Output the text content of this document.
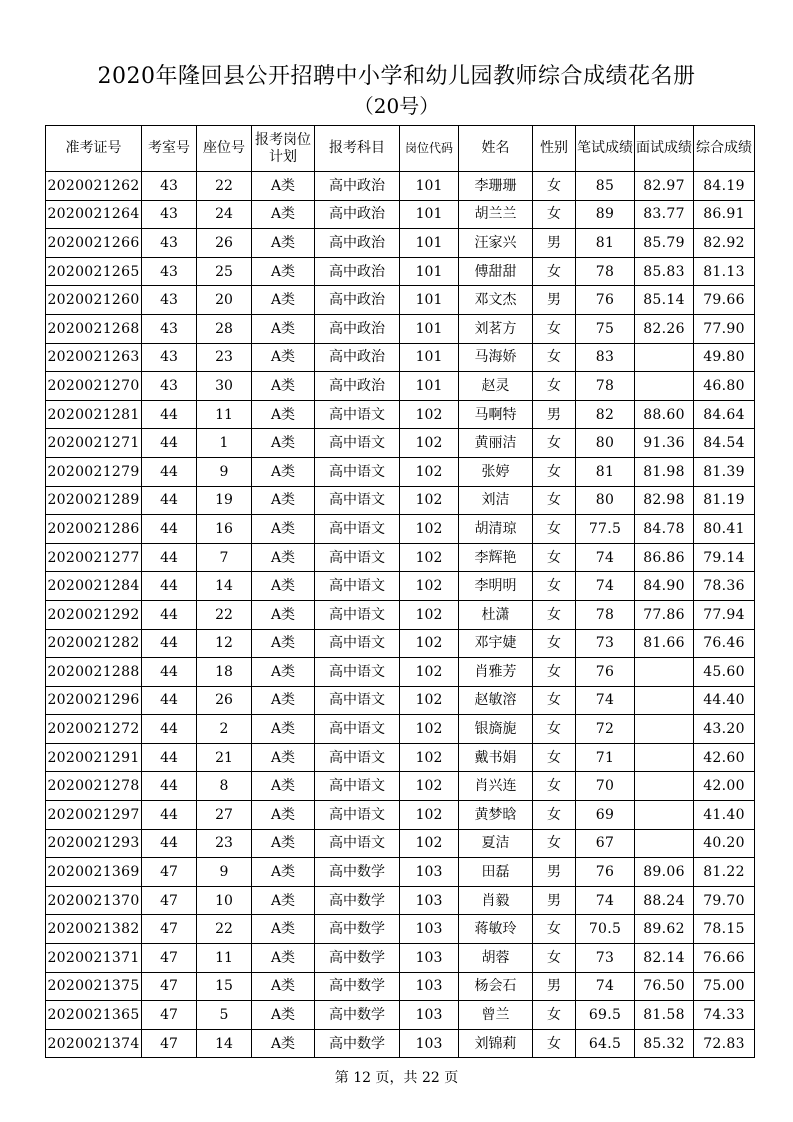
2020年隆回县公开招聘中小学和幼儿园教师综合成绩花名册
（20号）
准考证号	考室号	座位号	报考岗位计划	报考科目	岗位代码	姓名	性别	笔试成绩	面试成绩	综合成绩
2020021262	43	22	A类	高中政治	101	李珊珊	女	85	82.97	84.19
2020021264	43	24	A类	高中政治	101	胡兰兰	女	89	83.77	86.91
2020021266	43	26	A类	高中政治	101	汪家兴	男	81	85.79	82.92
2020021265	43	25	A类	高中政治	101	傅甜甜	女	78	85.83	81.13
2020021260	43	20	A类	高中政治	101	邓文杰	男	76	85.14	79.66
2020021268	43	28	A类	高中政治	101	刘茗方	女	75	82.26	77.90
2020021263	43	23	A类	高中政治	101	马海娇	女	83		49.80
2020021270	43	30	A类	高中政治	101	赵灵	女	78		46.80
2020021281	44	11	A类	高中语文	102	马啊特	男	82	88.60	84.64
2020021271	44	1	A类	高中语文	102	黄丽洁	女	80	91.36	84.54
2020021279	44	9	A类	高中语文	102	张婷	女	81	81.98	81.39
2020021289	44	19	A类	高中语文	102	刘洁	女	80	82.98	81.19
2020021286	44	16	A类	高中语文	102	胡清琼	女	77.5	84.78	80.41
2020021277	44	7	A类	高中语文	102	李辉艳	女	74	86.86	79.14
2020021284	44	14	A类	高中语文	102	李明明	女	74	84.90	78.36
2020021292	44	22	A类	高中语文	102	杜潇	女	78	77.86	77.94
2020021282	44	12	A类	高中语文	102	邓宇婕	女	73	81.66	76.46
2020021288	44	18	A类	高中语文	102	肖雅芳	女	76		45.60
2020021296	44	26	A类	高中语文	102	赵敏溶	女	74		44.40
2020021272	44	2	A类	高中语文	102	银旖旎	女	72		43.20
2020021291	44	21	A类	高中语文	102	戴书娟	女	71		42.60
2020021278	44	8	A类	高中语文	102	肖兴连	女	70		42.00
2020021297	44	27	A类	高中语文	102	黄梦晗	女	69		41.40
2020021293	44	23	A类	高中语文	102	夏洁	女	67		40.20
2020021369	47	9	A类	高中数学	103	田磊	男	76	89.06	81.22
2020021370	47	10	A类	高中数学	103	肖毅	男	74	88.24	79.70
2020021382	47	22	A类	高中数学	103	蒋敏玲	女	70.5	89.62	78.15
2020021371	47	11	A类	高中数学	103	胡蓉	女	73	82.14	76.66
2020021375	47	15	A类	高中数学	103	杨会石	男	74	76.50	75.00
2020021365	47	5	A类	高中数学	103	曾兰	女	69.5	81.58	74.33
2020021374	47	14	A类	高中数学	103	刘锦莉	女	64.5	85.32	72.83
第 12 页，共 22 页
